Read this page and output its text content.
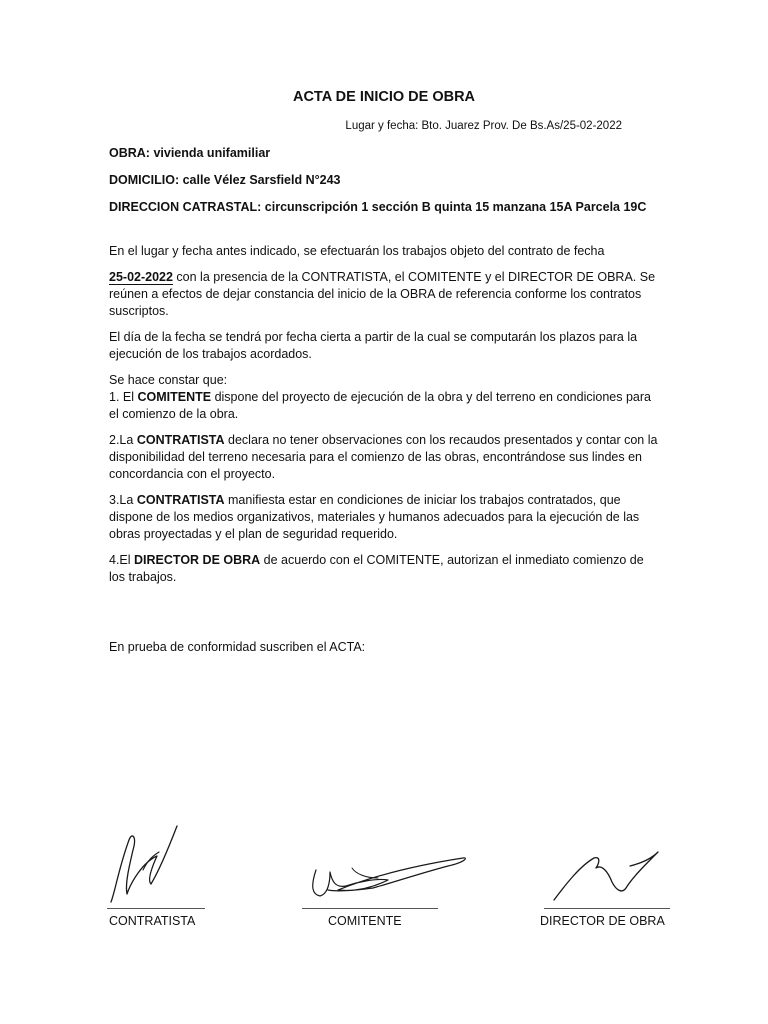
ACTA DE INICIO DE OBRA
Lugar y fecha: Bto. Juarez Prov. De Bs.As/25-02-2022
OBRA: vivienda unifamiliar
DOMICILIO: calle Vélez Sarsfield N°243
DIRECCION CATRASTAL: circunscripción 1 sección B quinta 15 manzana 15A Parcela 19C

En el lugar y fecha antes indicado, se efectuarán los trabajos objeto del contrato de fecha

25-02-2022 con la presencia de la CONTRATISTA, el COMITENTE y el DIRECTOR DE OBRA. Se reúnen a efectos de dejar constancia del inicio de la OBRA de referencia conforme los contratos suscriptos.

El día de la fecha se tendrá por fecha cierta a partir de la cual se computarán los plazos para la ejecución de los trabajos acordados.

Se hace constar que:

1. El COMITENTE dispone del proyecto de ejecución de la obra y del terreno en condiciones para el comienzo de la obra.

2.La CONTRATISTA declara no tener observaciones con los recaudos presentados y contar con la disponibilidad del terreno necesaria para el comienzo de las obras, encontrándose sus lindes en concordancia con el proyecto.

3.La CONTRATISTA manifiesta estar en condiciones de iniciar los trabajos contratados, que dispone de los medios organizativos, materiales y humanos adecuados para la ejecución de las obras proyectadas y el plan de seguridad requerido.

4.El DIRECTOR DE OBRA de acuerdo con el COMITENTE, autorizan el inmediato comienzo de los trabajos.

En prueba de conformidad suscriben el ACTA:
CONTRATISTA	COMITENTE	DIRECTOR DE OBRA
